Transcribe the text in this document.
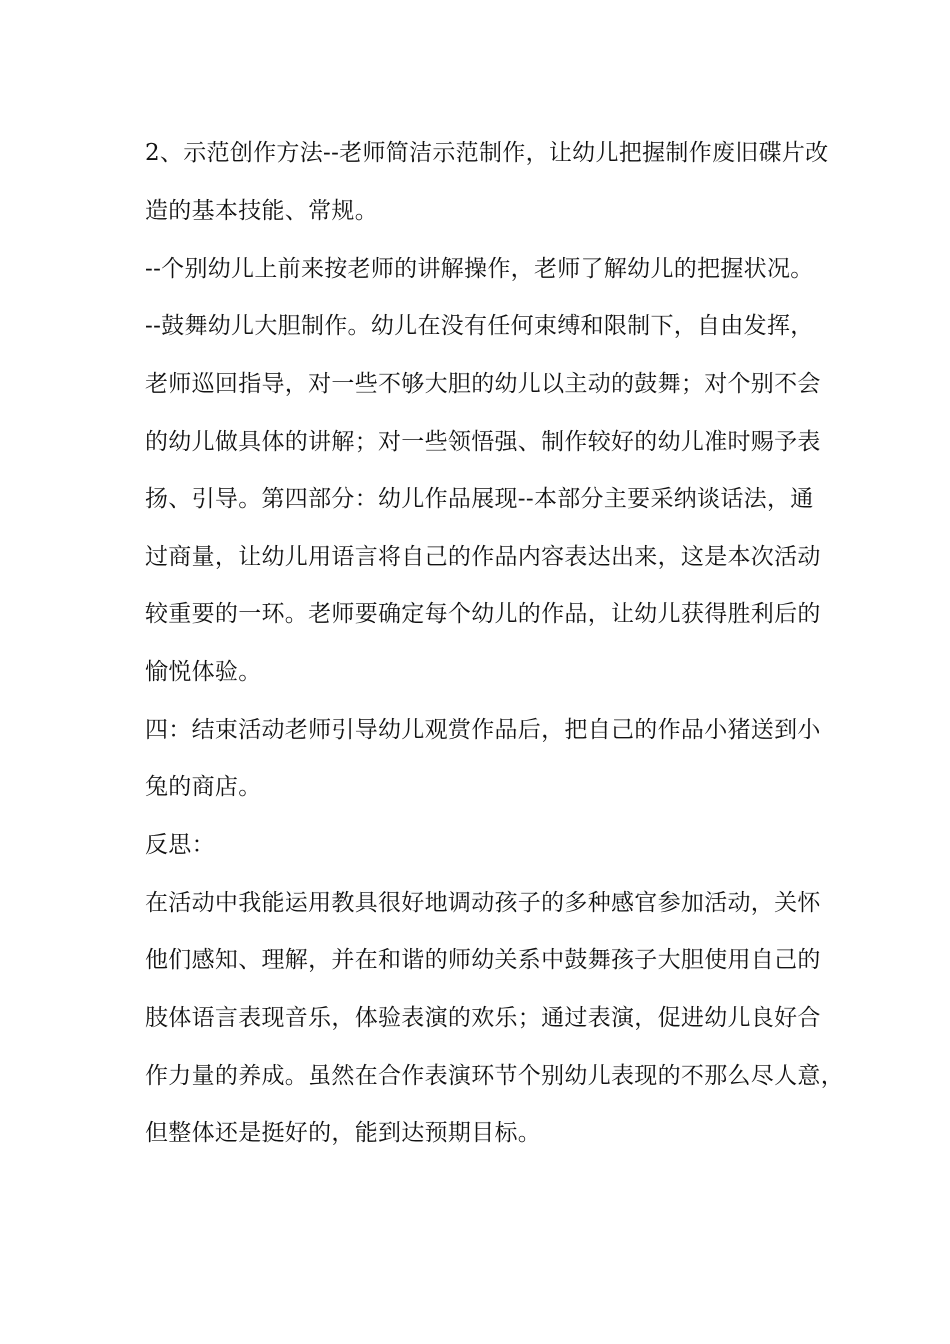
2、示范创作方法--老师简洁示范制作，让幼儿把握制作废旧碟片改
造的基本技能、常规。
--个别幼儿上前来按老师的讲解操作，老师了解幼儿的把握状况。
--鼓舞幼儿大胆制作。幼儿在没有任何束缚和限制下，自由发挥，
老师巡回指导，对一些不够大胆的幼儿以主动的鼓舞；对个别不会
的幼儿做具体的讲解；对一些领悟强、制作较好的幼儿准时赐予表
扬、引导。第四部分：幼儿作品展现--本部分主要采纳谈话法，通
过商量，让幼儿用语言将自己的作品内容表达出来，这是本次活动
较重要的一环。老师要确定每个幼儿的作品，让幼儿获得胜利后的
愉悦体验。
四：结束活动老师引导幼儿观赏作品后，把自己的作品小猪送到小
兔的商店。
反思：
在活动中我能运用教具很好地调动孩子的多种感官参加活动，关怀
他们感知、理解，并在和谐的师幼关系中鼓舞孩子大胆使用自己的
肢体语言表现音乐，体验表演的欢乐；通过表演，促进幼儿良好合
作力量的养成。虽然在合作表演环节个别幼儿表现的不那么尽人意，
但整体还是挺好的，能到达预期目标。
